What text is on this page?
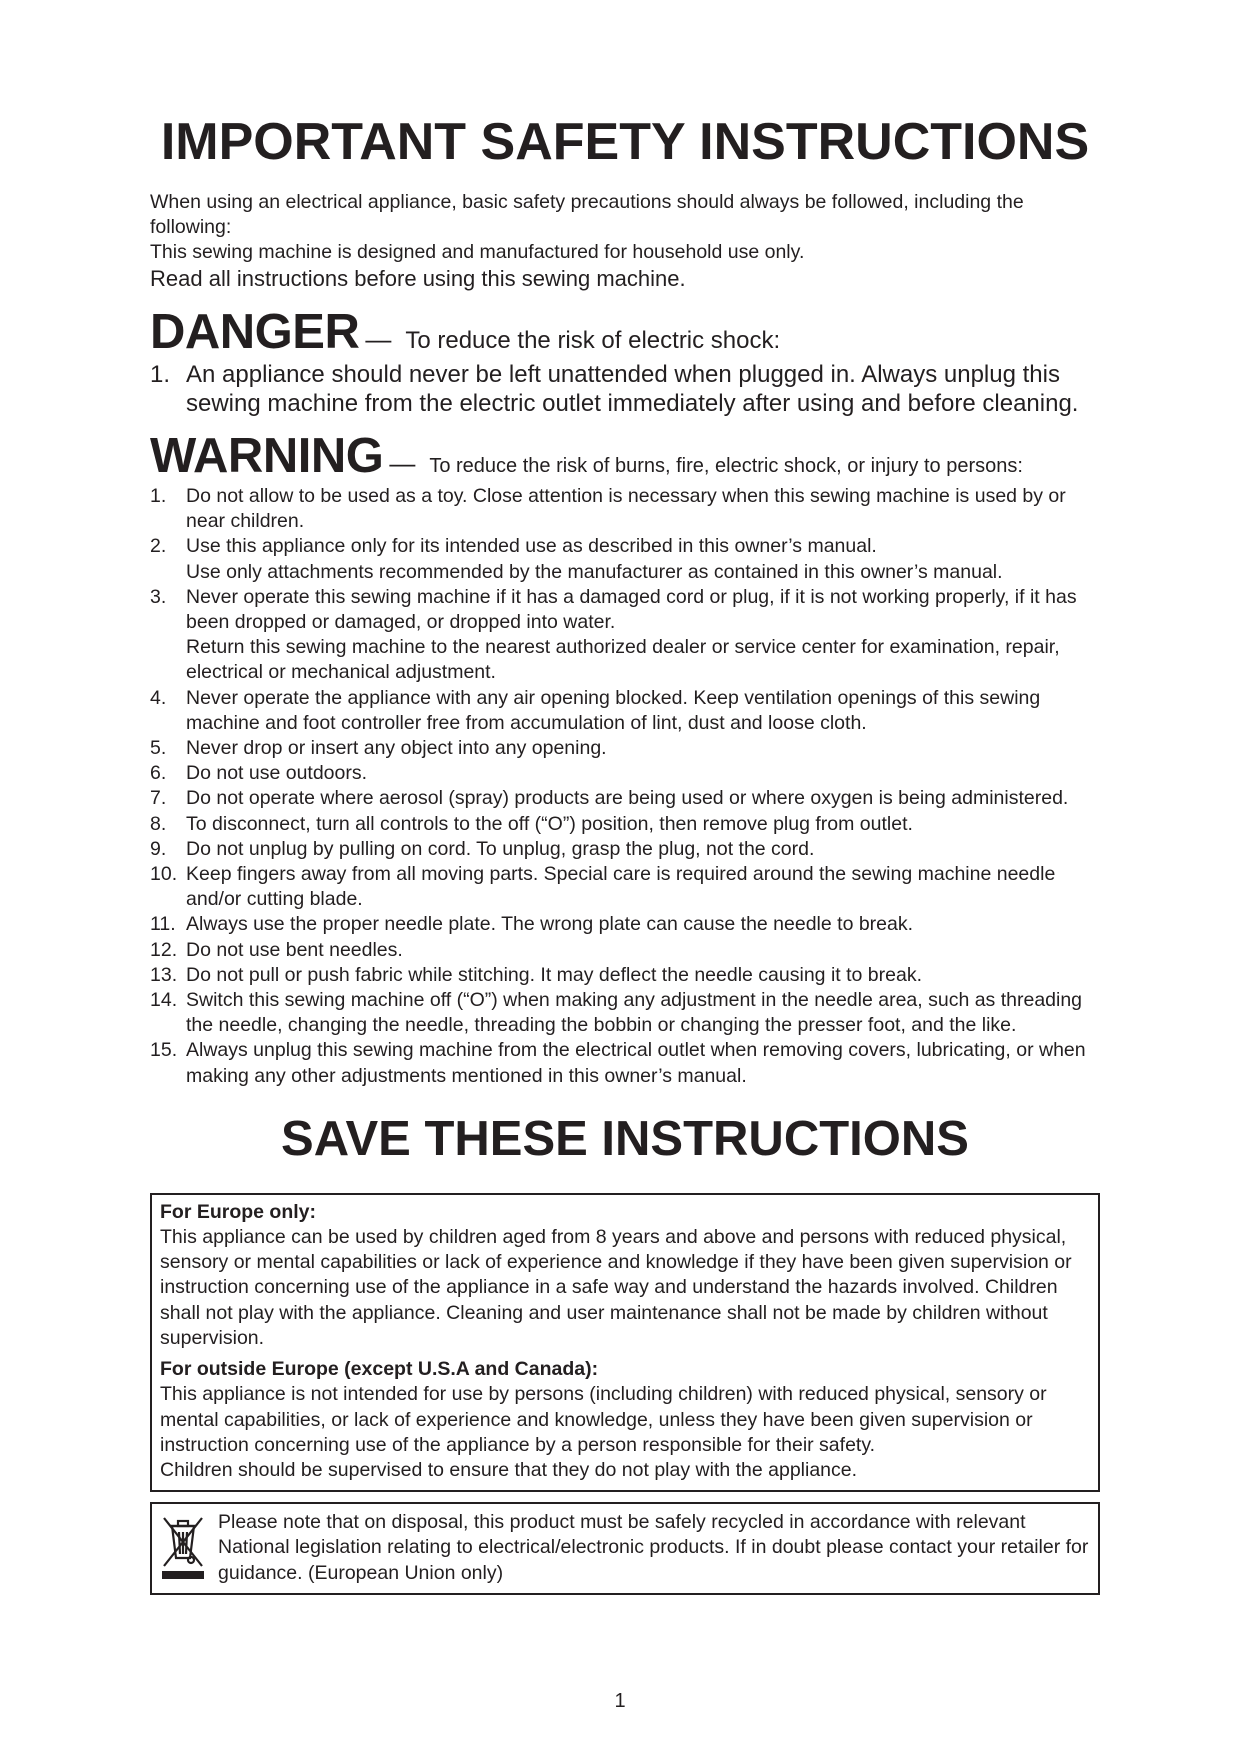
IMPORTANT SAFETY INSTRUCTIONS
When using an electrical appliance, basic safety precautions should always be followed, including the following:
This sewing machine is designed and manufactured for household use only.
Read all instructions before using this sewing machine.
DANGER — To reduce the risk of electric shock:
1. An appliance should never be left unattended when plugged in. Always unplug this sewing machine from the electric outlet immediately after using and before cleaning.
WARNING — To reduce the risk of burns, fire, electric shock, or injury to persons:
1.	Do not allow to be used as a toy. Close attention is necessary when this sewing machine is used by or near children.
2.	Use this appliance only for its intended use as described in this owner’s manual.
Use only attachments recommended by the manufacturer as contained in this owner’s manual.
3.	Never operate this sewing machine if it has a damaged cord or plug, if it is not working properly, if it has been dropped or damaged, or dropped into water.
Return this sewing machine to the nearest authorized dealer or service center for examination, repair, electrical or mechanical adjustment.
4.	Never operate the appliance with any air opening blocked. Keep ventilation openings of this sewing machine and foot controller free from accumulation of lint, dust and loose cloth.
5.	Never drop or insert any object into any opening.
6.	Do not use outdoors.
7.	Do not operate where aerosol (spray) products are being used or where oxygen is being administered.
8.	To disconnect, turn all controls to the off (“O”) position, then remove plug from outlet.
9.	Do not unplug by pulling on cord. To unplug, grasp the plug, not the cord.
10. Keep fingers away from all moving parts. Special care is required around the sewing machine needle and/or cutting blade.
11. Always use the proper needle plate. The wrong plate can cause the needle to break.
12. Do not use bent needles.
13. Do not pull or push fabric while stitching. It may deflect the needle causing it to break.
14. Switch this sewing machine off (“O”) when making any adjustment in the needle area, such as threading the needle, changing the needle, threading the bobbin or changing the presser foot, and the like.
15. Always unplug this sewing machine from the electrical outlet when removing covers, lubricating, or when making any other adjustments mentioned in this owner’s manual.
SAVE THESE INSTRUCTIONS
For Europe only:
This appliance can be used by children aged from 8 years and above and persons with reduced physical, sensory or mental capabilities or lack of experience and knowledge if they have been given supervision or instruction concerning use of the appliance in a safe way and understand the hazards involved. Children shall not play with the appliance. Cleaning and user maintenance shall not be made by children without supervision.
For outside Europe (except U.S.A and Canada):
This appliance is not intended for use by persons (including children) with reduced physical, sensory or mental capabilities, or lack of experience and knowledge, unless they have been given supervision or instruction concerning use of the appliance by a person responsible for their safety.
Children should be supervised to ensure that they do not play with the appliance.
Please note that on disposal, this product must be safely recycled in accordance with relevant National legislation relating to electrical/electronic products. If in doubt please contact your retailer for guidance. (European Union only)
1
